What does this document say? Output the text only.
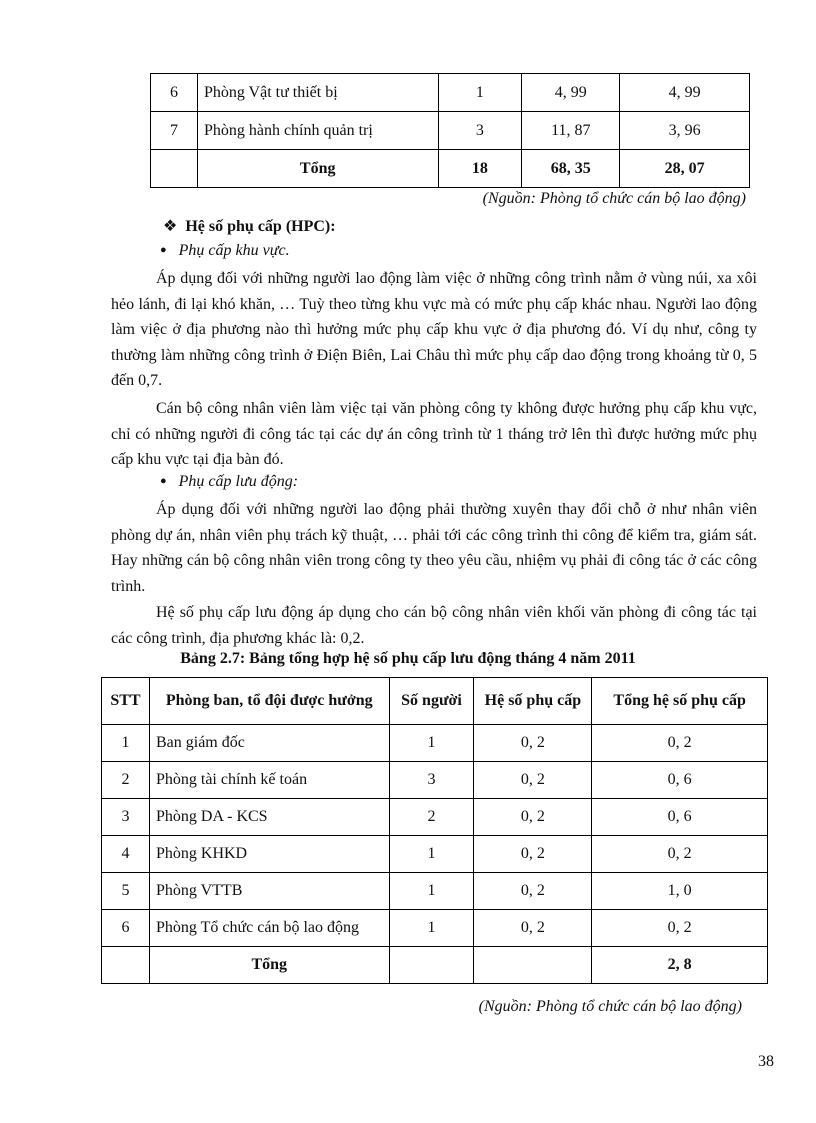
6	Phòng Vật tư thiết bị	1	4, 99	4, 99
7	Phòng hành chính quản trị	3	11, 87	3, 96
	Tổng	18	68, 35	28, 07
(Nguồn: Phòng tổ chức cán bộ lao động)
❖ Hệ số phụ cấp (HPC):
● Phụ cấp khu vực.
Áp dụng đối với những người lao động làm việc ở những công trình nằm ở vùng núi, xa xôi hẻo lánh, đi lại khó khăn, … Tuỳ theo từng khu vực mà có mức phụ cấp khác nhau. Người lao động làm việc ở địa phương nào thì hưởng mức phụ cấp khu vực ở địa phương đó. Ví dụ như, công ty thường làm những công trình ở Điện Biên, Lai Châu thì mức phụ cấp dao động trong khoảng từ 0, 5 đến 0,7.
Cán bộ công nhân viên làm việc tại văn phòng công ty không được hưởng phụ cấp khu vực, chỉ có những người đi công tác tại các dự án công trình từ 1 tháng trở lên thì được hưởng mức phụ cấp khu vực tại địa bàn đó.
● Phụ cấp lưu động:
Áp dụng đối với những người lao động phải thường xuyên thay đổi chỗ ở như nhân viên phòng dự án, nhân viên phụ trách kỹ thuật, … phải tới các công trình thi công để kiểm tra, giám sát. Hay những cán bộ công nhân viên trong công ty theo yêu cầu, nhiệm vụ phải đi công tác ở các công trình.
Hệ số phụ cấp lưu động áp dụng cho cán bộ công nhân viên khối văn phòng đi công tác tại các công trình, địa phương khác là: 0,2.
Bảng 2.7: Bảng tổng hợp hệ số phụ cấp lưu động tháng 4 năm 2011
STT	Phòng ban, tổ đội được hưởng	Số người	Hệ số phụ cấp	Tổng hệ số phụ cấp
1	Ban giám đốc	1	0, 2	0, 2
2	Phòng tài chính kế toán	3	0, 2	0, 6
3	Phòng DA - KCS	2	0, 2	0, 6
4	Phòng KHKD	1	0, 2	0, 2
5	Phòng VTTB	1	0, 2	1, 0
6	Phòng Tổ chức cán bộ lao động	1	0, 2	0, 2
	Tổng			2, 8
(Nguồn: Phòng tổ chức cán bộ lao động)
38
